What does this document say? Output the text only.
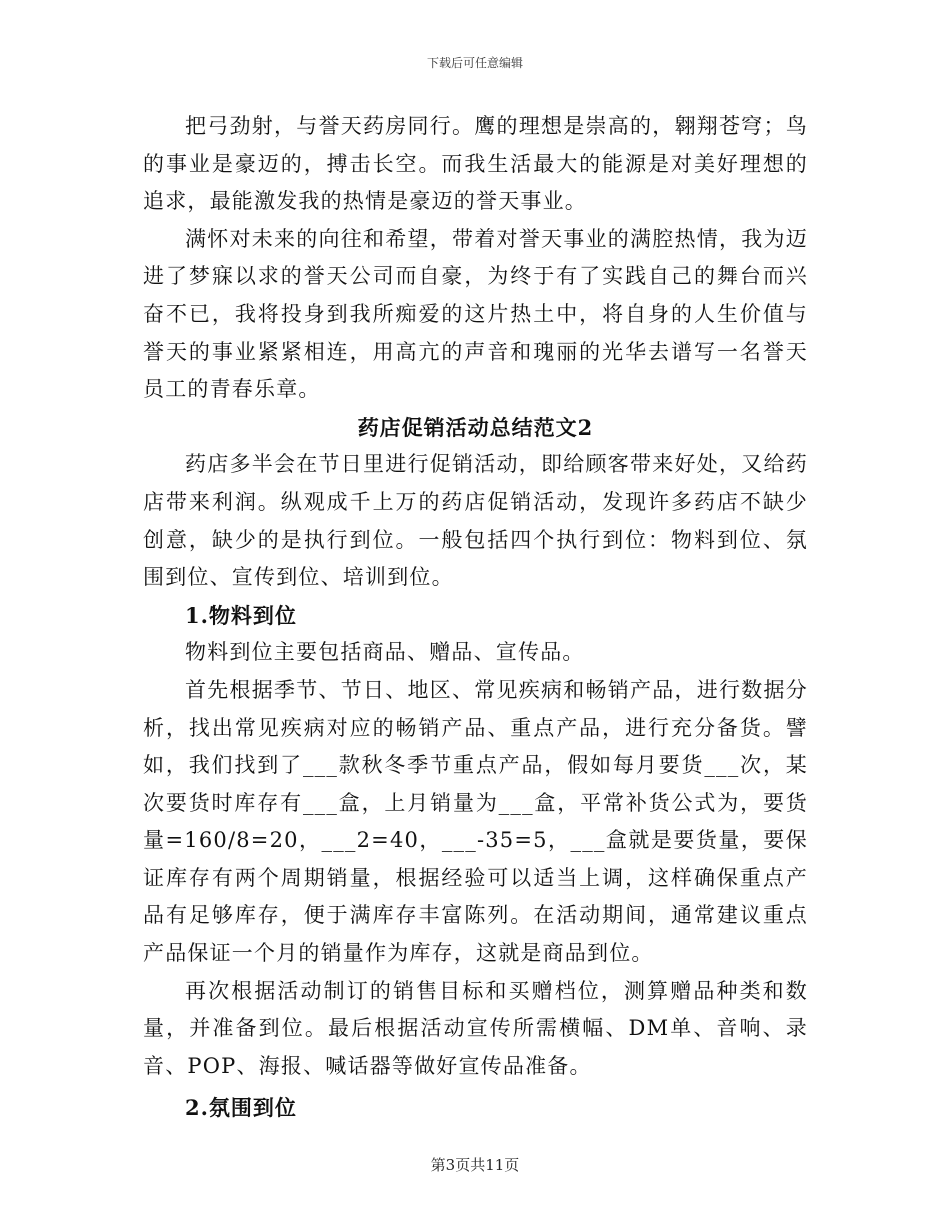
下载后可任意编辑

把弓劲射，与誉天药房同行。鹰的理想是崇高的，翱翔苍穹；鸟的事业是豪迈的，搏击长空。而我生活最大的能源是对美好理想的追求，最能激发我的热情是豪迈的誉天事业。

满怀对未来的向往和希望，带着对誉天事业的满腔热情，我为迈进了梦寐以求的誉天公司而自豪，为终于有了实践自己的舞台而兴奋不已，我将投身到我所痴爱的这片热土中，将自身的人生价值与誉天的事业紧紧相连，用高亢的声音和瑰丽的光华去谱写一名誉天员工的青春乐章。

药店促销活动总结范文2

药店多半会在节日里进行促销活动，即给顾客带来好处，又给药店带来利润。纵观成千上万的药店促销活动，发现许多药店不缺少创意，缺少的是执行到位。一般包括四个执行到位：物料到位、氛围到位、宣传到位、培训到位。

1.物料到位

物料到位主要包括商品、赠品、宣传品。

首先根据季节、节日、地区、常见疾病和畅销产品，进行数据分析，找出常见疾病对应的畅销产品、重点产品，进行充分备货。譬如，我们找到了___款秋冬季节重点产品，假如每月要货___次，某次要货时库存有___盒，上月销量为___盒，平常补货公式为，要货量=160/8=20，___2=40，___-35=5，___盒就是要货量，要保证库存有两个周期销量，根据经验可以适当上调，这样确保重点产品有足够库存，便于满库存丰富陈列。在活动期间，通常建议重点产品保证一个月的销量作为库存，这就是商品到位。

再次根据活动制订的销售目标和买赠档位，测算赠品种类和数量，并准备到位。最后根据活动宣传所需横幅、DM单、音响、录音、POP、海报、喊话器等做好宣传品准备。

2.氛围到位
第3页共11页
